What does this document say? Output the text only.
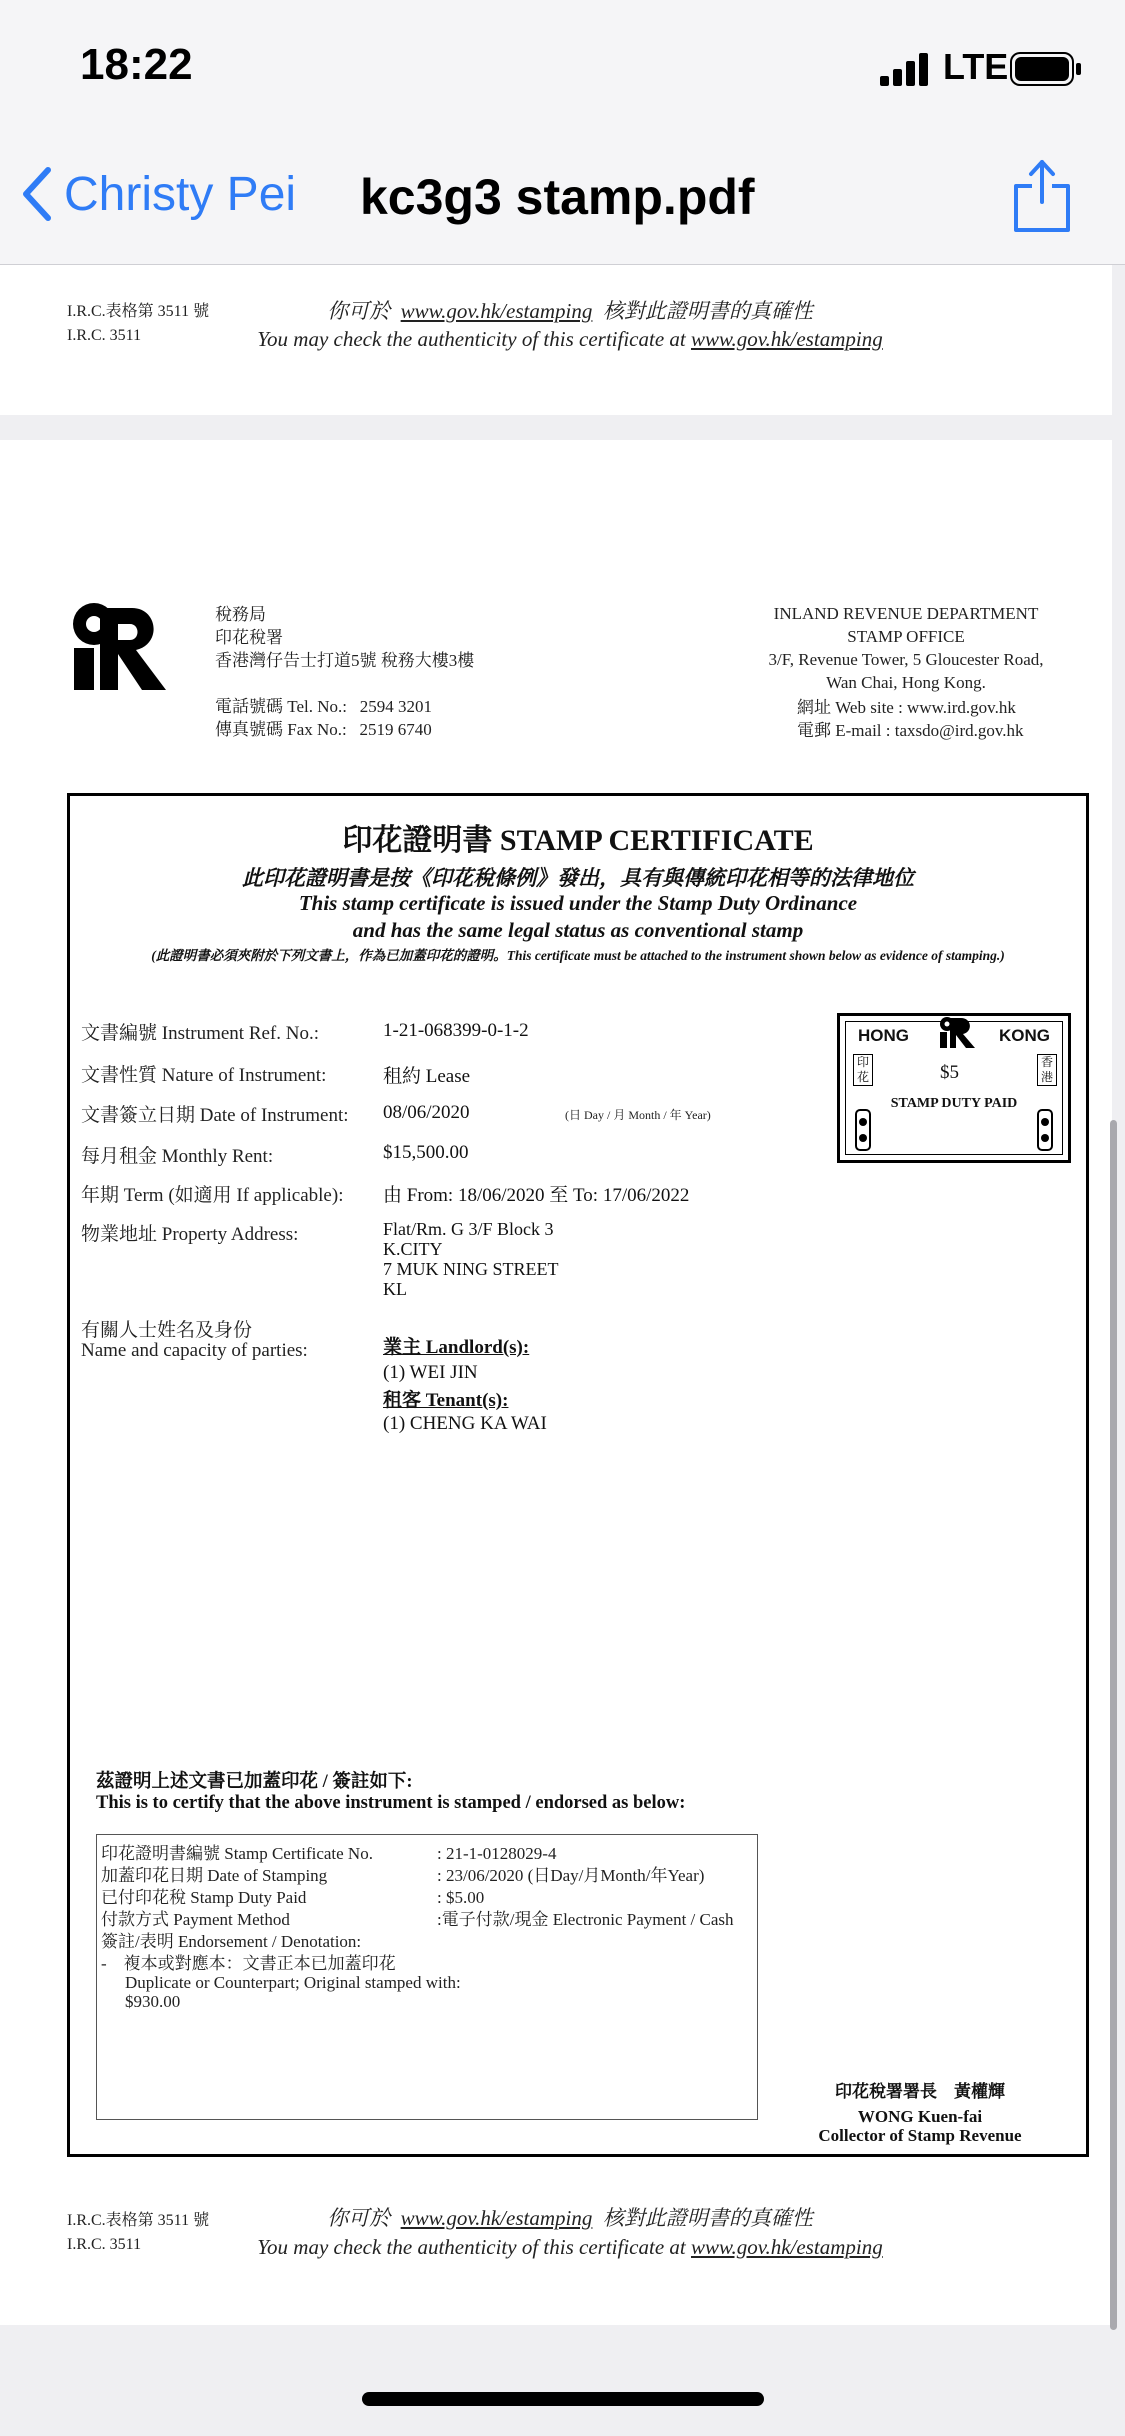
18:22	LTE
Christy Pei kc3g3 stamp.pdf
I.R.C.表格第 3511 號
I.R.C. 3511
你可於 www.gov.hk/estamping 核對此證明書的真確性
You may check the authenticity of this certificate at www.gov.hk/estamping
稅務局
印花稅署
香港灣仔告士打道5號 稅務大樓3樓
電話號碼 Tel. No.: 2594 3201
傳真號碼 Fax No.: 2519 6740
INLAND REVENUE DEPARTMENT
STAMP OFFICE
3/F, Revenue Tower, 5 Gloucester Road,
Wan Chai, Hong Kong.
網址 Web site : www.ird.gov.hk
電郵 E-mail : taxsdo@ird.gov.hk
印花證明書 STAMP CERTIFICATE
此印花證明書是按《印花稅條例》發出，具有與傳統印花相等的法律地位
This stamp certificate is issued under the Stamp Duty Ordinance
and has the same legal status as conventional stamp
(此證明書必須夾附於下列文書上，作為已加蓋印花的證明。This certificate must be attached to the instrument shown below as evidence of stamping.)
文書編號 Instrument Ref. No.:	1-21-068399-0-1-2
文書性質 Nature of Instrument:	租約 Lease
文書簽立日期 Date of Instrument: 08/06/2020	(日 Day / 月 Month / 年 Year)
每月租金 Monthly Rent:	$15,500.00
年期 Term (如適用 If applicable): 由 From: 18/06/2020 至 To: 17/06/2022
物業地址 Property Address:	Flat/Rm. G 3/F Block 3
K.CITY
7 MUK NING STREET
KL
有關人士姓名及身份
Name and capacity of parties:	業主 Landlord(s):
(1) WEI JIN
租客 Tenant(s):
(1) CHENG KA WAI
HONG	KONG
$5
STAMP DUTY PAID
印花
香港
茲證明上述文書已加蓋印花 / 簽註如下:
This is to certify that the above instrument is stamped / endorsed as below:
印花證明書編號 Stamp Certificate No.	: 21-1-0128029-4
加蓋印花日期 Date of Stamping	: 23/06/2020 (日Day/月Month/年Year)
已付印花稅 Stamp Duty Paid	: $5.00
付款方式 Payment Method	:電子付款/現金 Electronic Payment / Cash
簽註/表明 Endorsement / Denotation:
-    複本或對應本：文書正本已加蓋印花
Duplicate or Counterpart; Original stamped with:
$930.00
印花稅署署長    黃權輝
WONG Kuen-fai
Collector of Stamp Revenue
I.R.C.表格第 3511 號
I.R.C. 3511
你可於 www.gov.hk/estamping 核對此證明書的真確性
You may check the authenticity of this certificate at www.gov.hk/estamping
